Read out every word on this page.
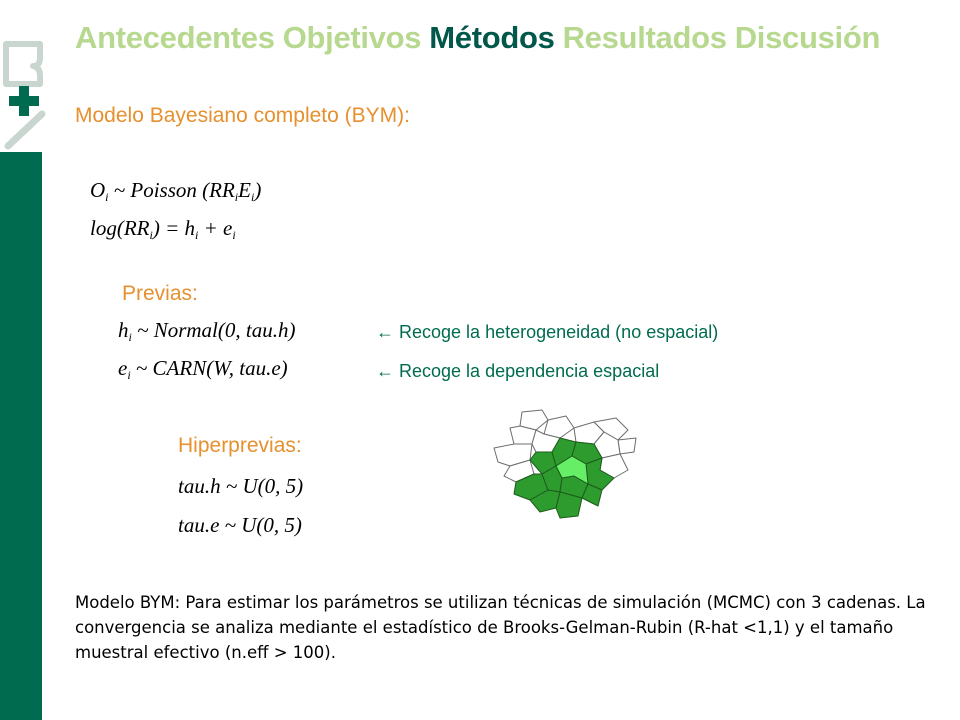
Antecedentes Objetivos Métodos Resultados Discusión
Modelo Bayesiano completo (BYM):
$O_i$ ~ Poisson $(RR_iE_i)$
$\log(RR_i) = h_i + e_i$
Previas:
$h_i$ ~ Normal(0, tau.h)
$e_i$ ~ CARN(W, tau.e)
← Recoge la heterogeneidad (no espacial)
← Recoge la dependencia espacial
Hiperprevias:
tau.h ~ U(0, 5)
tau.e ~ U(0, 5)
Modelo BYM: Para estimar los parámetros se utilizan técnicas de simulación (MCMC) con 3 cadenas. La convergencia se analiza mediante el estadístico de Brooks-Gelman-Rubin (R-hat <1,1) y el tamaño muestral efectivo (n.eff > 100).
